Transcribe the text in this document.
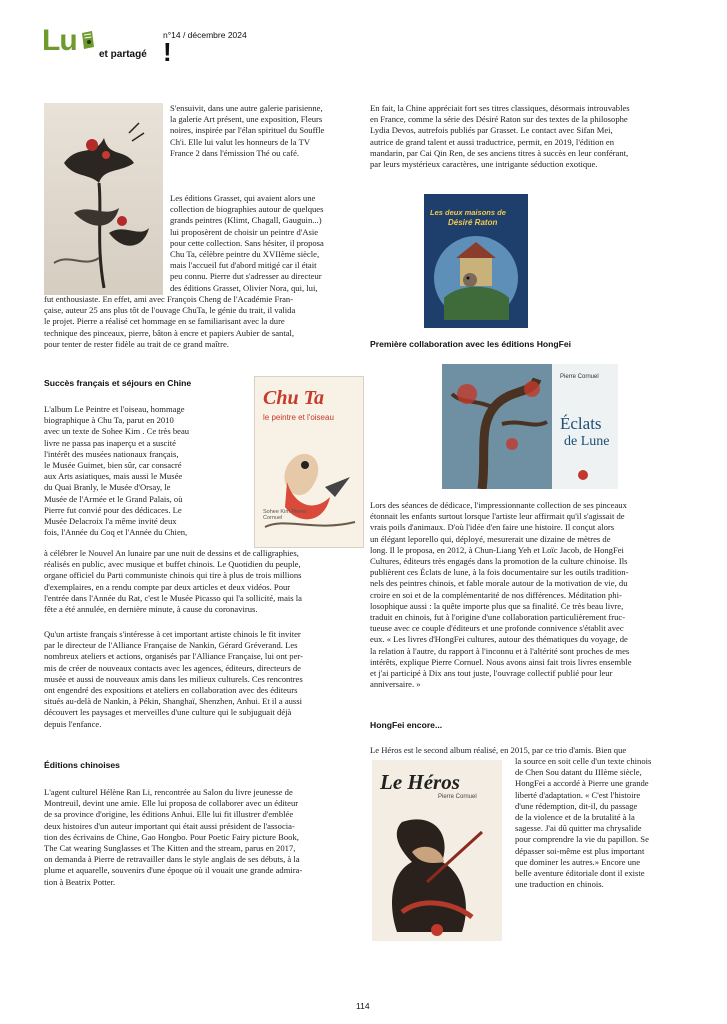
Lu et partagé !
n°14 / décembre 2024

S'ensuivit, dans une autre galerie parisienne,

la galerie Art présent, une exposition, Fleurs

noires, inspirée par l'élan spirituel du Souffle

Ch'i. Elle lui valut les honneurs de la TV

France 2 dans l'émission Thé ou café.

Les éditions Grasset, qui avaient alors une

collection de biographies autour de quelques

grands peintres (Klimt, Chagall, Gauguin...)

lui proposèrent de choisir un peintre d'Asie

pour cette collection. Sans hésiter, il proposa

Chu Ta, célèbre peintre du XVIIème siècle,

mais l'accueil fut d'abord mitigé car il était

peu connu. Pierre dut s'adresser au directeur

des éditions Grasset, Olivier Nora, qui, lui,

fut enthousiaste. En effet, ami avec François Cheng de l'Académie Fran-

çaise, auteur 25 ans plus tôt de l'ouvage ChuTa, le génie du trait, il valida

le projet. Pierre a réalisé cet hommage en se familiarisant avec la dure

technique des pinceaux, pierre, bâton à encre et papiers Aubier de santal,

pour tenter de rester fidèle au trait de ce grand maître.

Succès français et séjours en Chine
Chu Ta
le peintre et l'oiseau
Sohee Kim Pierre Cornuel

L'album Le Peintre et l'oiseau, hommage

biographique à Chu Ta, parut en 2010

avec un texte de Sohee Kim . Ce très beau

livre ne passa pas inaperçu et a suscité

l'intérêt des musées nationaux français,

le Musée Guimet, bien sûr, car consacré

aux Arts asiatiques, mais aussi le Musée

du Quai Branly, le Musée d'Orsay, le

Musée de l'Armée et le Grand Palais, où

Pierre fut convié pour des dédicaces. Le

Musée Delacroix l'a même invité deux

fois, l'Année du Coq et l'Année du Chien,

à célébrer le Nouvel An lunaire par une nuit de dessins et de calligraphies,

réalisés en public, avec musique et buffet chinois. Le Quotidien du peuple,

organe officiel du Parti communiste chinois qui tire à plus de trois millions

d'exemplaires, en a rendu compte par deux articles et deux vidéos. Pour

l'entrée dans l'Année du Rat, c'est le Musée Picasso qui l'a sollicité, mais la

fête a été annulée, en dernière minute, à cause du coronavirus.

Qu'un artiste français s'intéresse à cet important artiste chinois le fit inviter

par le directeur de l'Alliance Française de Nankin, Gérard Gréverand. Les

nombreux ateliers et actions, organisés par l'Alliance Française, lui ont per-

mis de créer de nouveaux contacts avec les agences, éditeurs, directeurs de

musée et aussi de nouveaux amis dans les milieux culturels. Ces rencontres

ont engendré des expositions et ateliers en collaboration avec des éditeurs

situés au-delà de Nankin, à Pékin, Shanghaï, Shenzhen, Anhui. Et il a aussi

découvert les paysages et merveilles d'une culture qui le subjuguait déjà

depuis l'enfance.

Éditions chinoises

L'agent culturel Hélène Ran Li, rencontrée au Salon du livre jeunesse de

Montreuil, devint une amie. Elle lui proposa de collaborer avec un éditeur

de sa province d'origine, les éditions Anhui. Elle lui fit illustrer d'emblée

deux histoires d'un auteur important qui était aussi président de l'associa-

tion des écrivains de Chine, Gao Hongbo. Pour Poetic Fairy picture Book,

The Cat wearing Sunglasses et The Kitten and the stream, parus en 2017,

on demanda à Pierre de retravailler dans le style anglais de ses débuts, à la

plume et aquarelle, souvenirs d'une époque où il vouait une grande admira-

tion à Beatrix Potter.

En fait, la Chine appréciait fort ses titres classiques, désormais introuvables

en France, comme la série des Désiré Raton sur des textes de la philosophe

Lydia Devos, autrefois publiés par Grasset. Le contact avec Sifan Mei,

autrice de grand talent et aussi traductrice, permit, en 2019, l'édition en

mandarin, par Cai Qin Ren, de ses anciens titres à succès en leur conférant,

par leurs mystérieux caractères, une intrigante séduction exotique.

Les deux maisons de
Désiré Raton
Première collaboration avec les éditions HongFei
Pierre Cornuel
Éclats
de Lune

Lors des séances de dédicace, l'impressionnante collection de ses pinceaux

étonnait les enfants surtout lorsque l'artiste leur affirmait qu'il s'agissait de

vrais poils d'animaux. D'où l'idée d'en faire une histoire. Il conçut alors

un élégant leporello qui, déployé, mesurerait une dizaine de mètres de

long. Il le proposa, en 2012, à Chun-Liang Yeh et Loïc Jacob, de HongFei

Cultures, éditeurs très engagés dans la promotion de la culture chinoise. Ils

publièrent ces Éclats de lune, à la fois documentaire sur les outils tradition-

nels des peintres chinois, et fable morale autour de la motivation de vie, du

croire en soi et de la complémentarité de nos différences. Méditation phi-

losophique aussi : la quête importe plus que sa finalité. Ce très beau livre,

traduit en chinois, fut à l'origine d'une collaboration particulièrement fruc-

tueuse avec ce couple d'éditeurs et une profonde connivence s'établit avec

eux. « Les livres d'HongFei cultures, autour des thématiques du voyage, de

la relation à l'autre, du rapport à l'inconnu et à l'altérité sont proches de mes

intérêts, explique Pierre Cornuel. Nous avons ainsi fait trois livres ensemble

et j'ai participé à Dix ans tout juste, l'ouvrage collectif publié pour leur

anniversaire. »

HongFei encore...

Le Héros est le second album réalisé, en 2015, par ce trio d'amis. Bien que

Le Héros
Pierre Cornuel

la source en soit celle d'un texte chinois

de Chen Sou datant du IIIème siècle,

HongFei a accordé à Pierre une grande

liberté d'adaptation. « C'est l'histoire

d'une rédemption, dit-il, du passage

de la violence et de la brutalité à la

sagesse. J'ai dû quitter ma chrysalide

pour comprendre la vie du papillon. Se

dépasser soi-même est plus important

que dominer les autres.» Encore une

belle aventure éditoriale dont il existe

une traduction en chinois.

114
